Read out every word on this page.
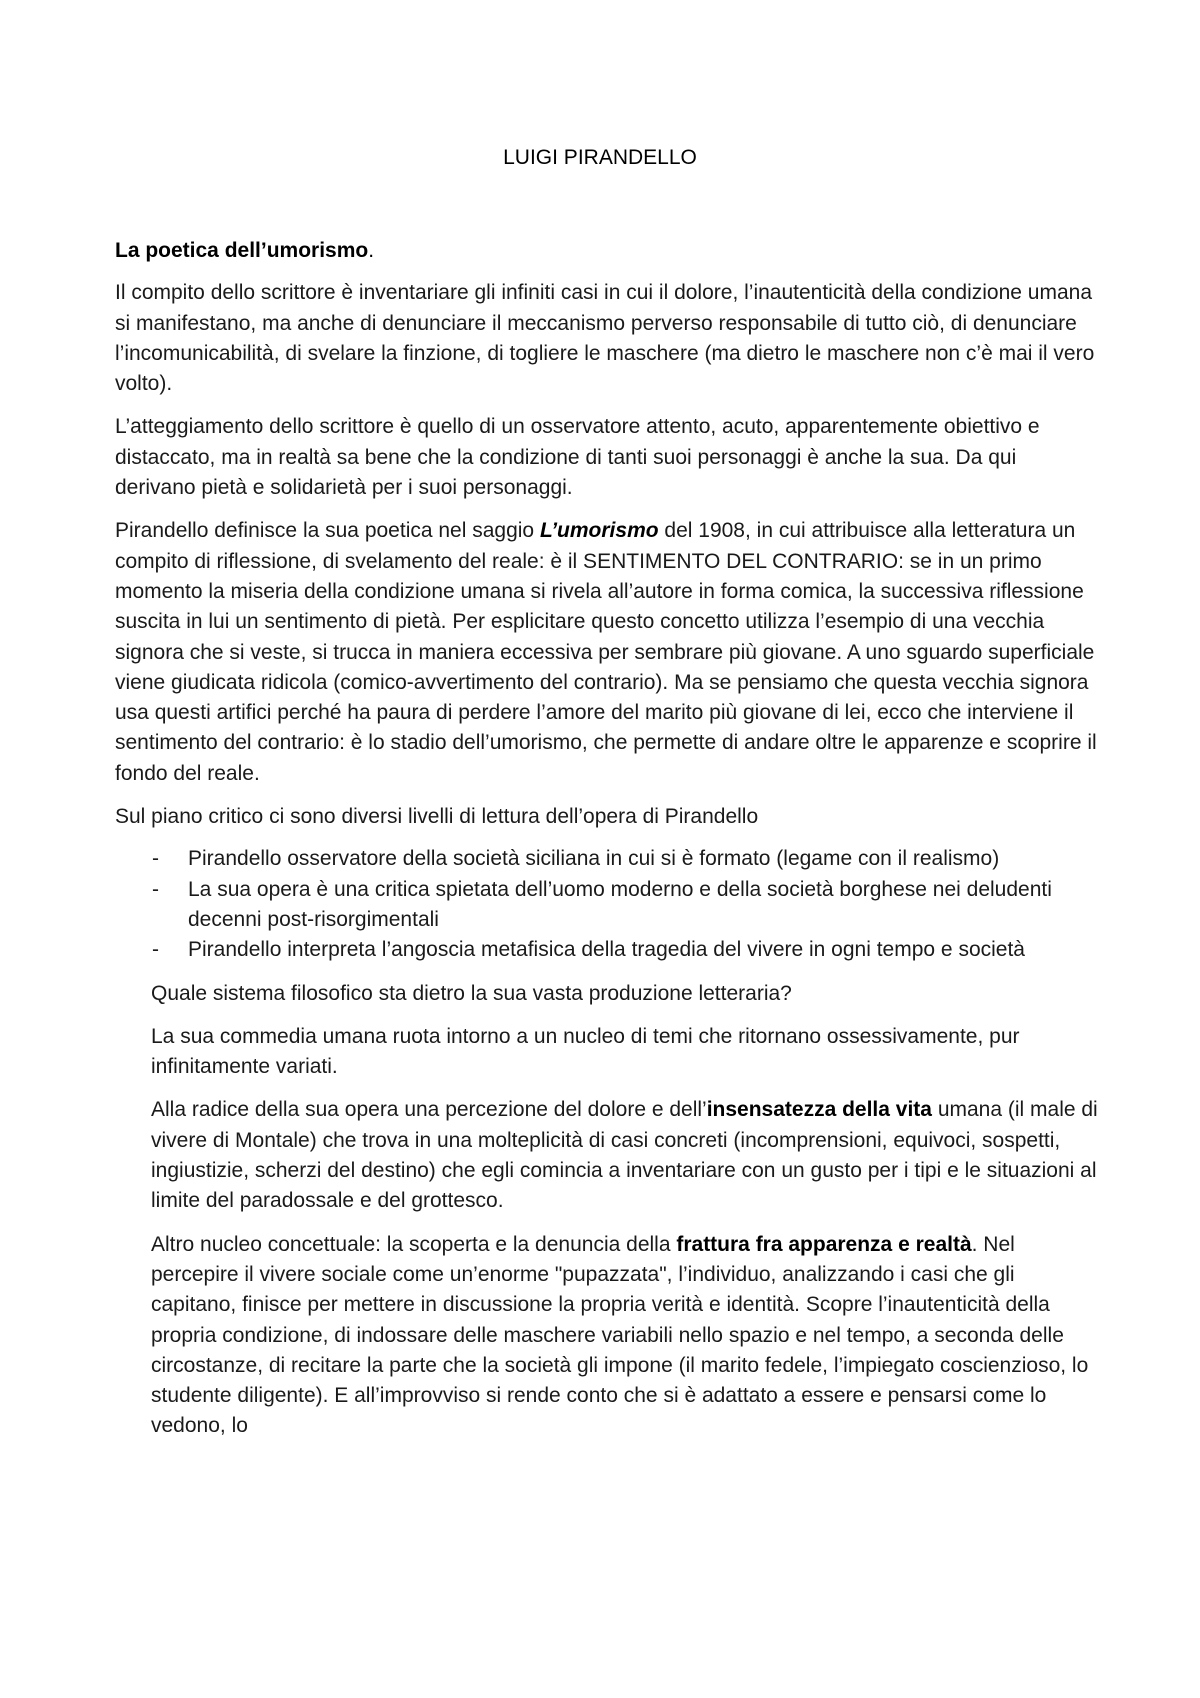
LUIGI PIRANDELLO
La poetica dell’umorismo.

Il compito dello scrittore è inventariare gli infiniti casi in cui il dolore, l’inautenticità della condizione umana si manifestano, ma anche di denunciare il meccanismo perverso responsabile di tutto ciò, di denunciare l’incomunicabilità, di svelare la finzione, di togliere le maschere (ma dietro le maschere non c’è mai il vero volto).

L’atteggiamento dello scrittore è quello di un osservatore attento, acuto, apparentemente obiettivo e distaccato, ma in realtà sa bene che la condizione di tanti suoi personaggi è anche la sua. Da qui derivano pietà e solidarietà per i suoi personaggi.

Pirandello definisce la sua poetica nel saggio L’umorismo del 1908, in cui attribuisce alla letteratura un compito di riflessione, di svelamento del reale: è il SENTIMENTO DEL CONTRARIO: se in un primo momento la miseria della condizione umana si rivela all’autore in forma comica, la successiva riflessione suscita in lui un sentimento di pietà. Per esplicitare questo concetto utilizza l’esempio di una vecchia signora che si veste, si trucca in maniera eccessiva per sembrare più giovane. A uno sguardo superficiale viene giudicata ridicola (comico-avvertimento del contrario). Ma se pensiamo che questa vecchia signora usa questi artifici perché ha paura di perdere l’amore del marito più giovane di lei, ecco che interviene il sentimento del contrario: è lo stadio dell’umorismo, che permette di andare oltre le apparenze e scoprire il fondo del reale.

Sul piano critico ci sono diversi livelli di lettura dell’opera di Pirandello

- Pirandello osservatore della società siciliana in cui si è formato (legame con il realismo)
- La sua opera è una critica spietata dell’uomo moderno e della società borghese nei deludenti decenni post-risorgimentali
- Pirandello interpreta l’angoscia metafisica della tragedia del vivere in ogni tempo e società

Quale sistema filosofico sta dietro la sua vasta produzione letteraria?

La sua commedia umana ruota intorno a un nucleo di temi che ritornano ossessivamente, pur infinitamente variati.

Alla radice della sua opera una percezione del dolore e dell’insensatezza della vita umana (il male di vivere di Montale) che trova in una molteplicità di casi concreti (incomprensioni, equivoci, sospetti, ingiustizie, scherzi del destino) che egli comincia a inventariare con un gusto per i tipi e le situazioni al limite del paradossale e del grottesco.

Altro nucleo concettuale: la scoperta e la denuncia della frattura fra apparenza e realtà. Nel percepire il vivere sociale come un’enorme "pupazzata", l’individuo, analizzando i casi che gli capitano, finisce per mettere in discussione la propria verità e identità. Scopre l’inautenticità della propria condizione, di indossare delle maschere variabili nello spazio e nel tempo, a seconda delle circostanze, di recitare la parte che la società gli impone (il marito fedele, l’impiegato coscienzioso, lo studente diligente). E all’improvviso si rende conto che si è adattato a essere e pensarsi come lo vedono, lo
